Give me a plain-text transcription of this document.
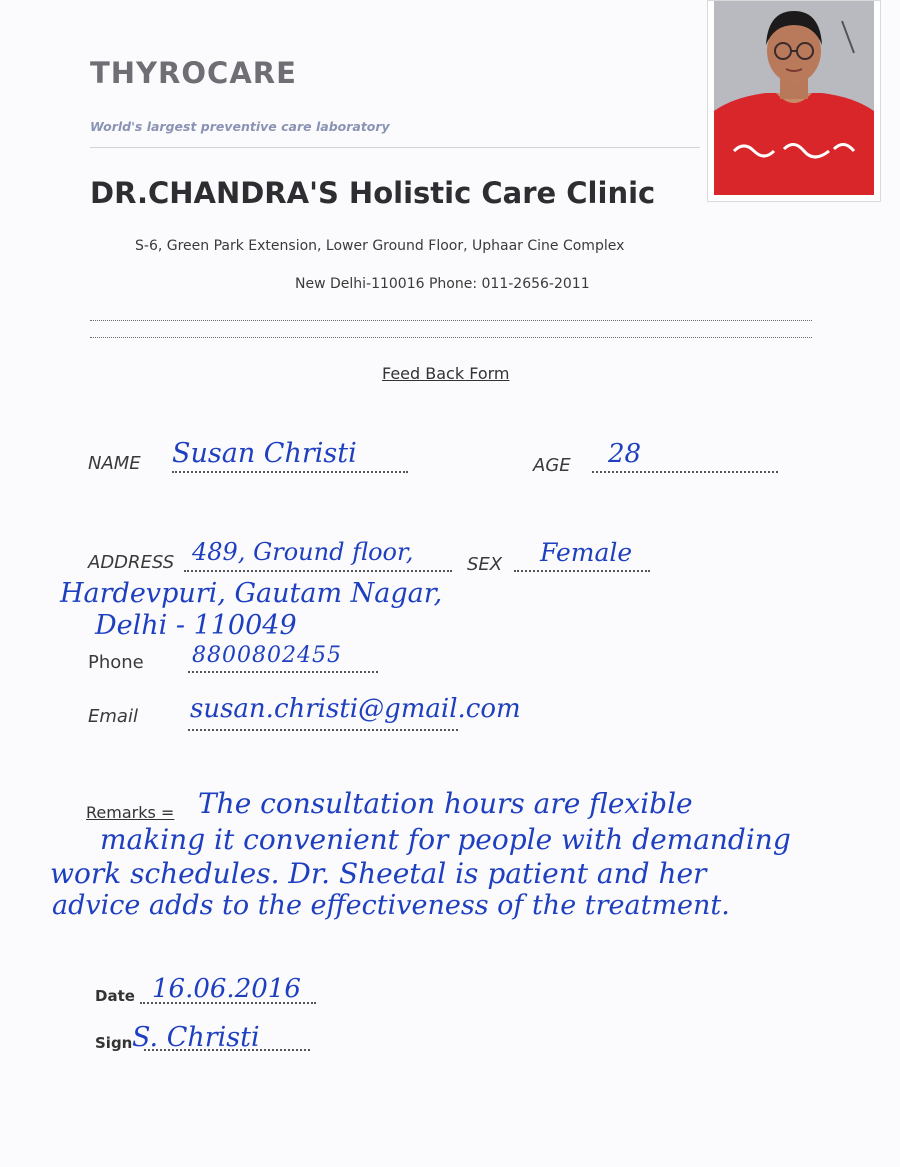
THYROCARE
World's largest preventive care laboratory
DR.CHANDRA'S Holistic Care Clinic
S-6, Green Park Extension, Lower Ground Floor, Uphaar Cine Complex
New Delhi-110016 Phone: 011-2656-2011
Feed Back Form
NAME Susan Christi	AGE 28
ADDRESS 489, Ground floor,
Hardevpuri, Gautam Nagar,
Delhi - 110049
SEX Female
Phone 8800802455
Email susan.christi@gmail.com
Remarks = The consultation hours are flexible
making it convenient for people with demanding
work schedules. Dr. Sheetal is patient and her
advice adds to the effectiveness of the treatment.
Date 16.06.2016
Sign S. Christi
